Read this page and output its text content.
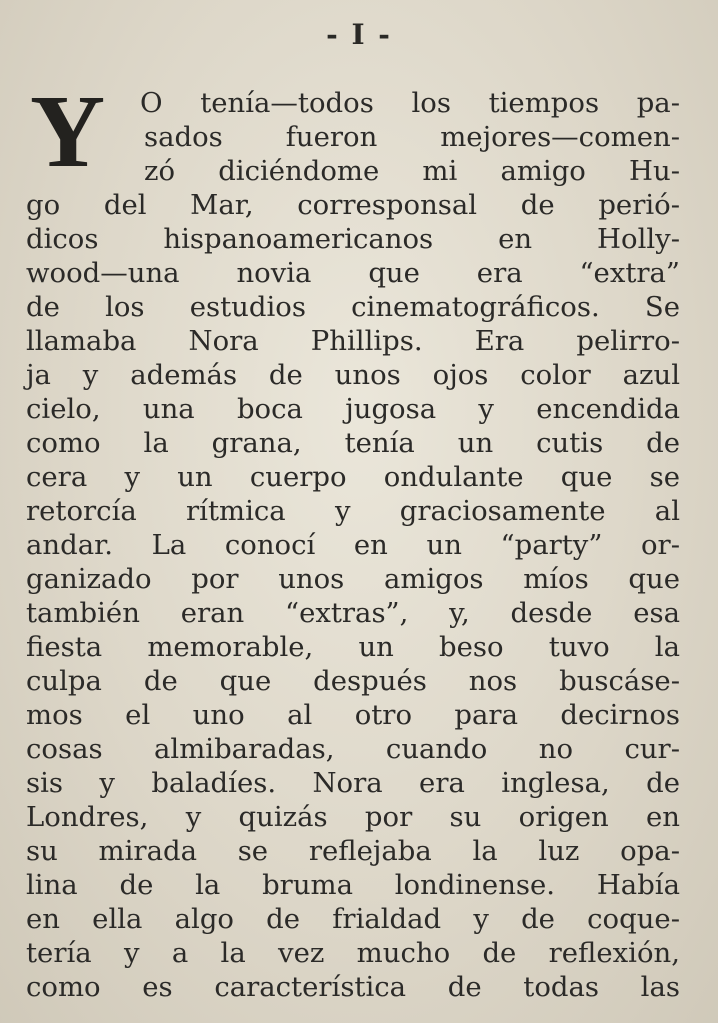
- I -
Y	O tenía—todos los tiempos pa-
sados fueron mejores—comen-
zó diciéndome mi amigo Hu-
go del Mar, corresponsal de perió-
dicos hispanoamericanos en Holly-
wood—una novia que era “extra”
de los estudios cinematográficos. Se
llamaba Nora Phillips. Era pelirro-
ja y además de unos ojos color azul
cielo, una boca jugosa y encendida
como la grana, tenía un cutis de
cera y un cuerpo ondulante que se
retorcía rítmica y graciosamente al
andar. La conocí en un “party” or-
ganizado por unos amigos míos que
también eran “extras”, y, desde esa
fiesta memorable, un beso tuvo la
culpa de que después nos buscáse-
mos el uno al otro para decirnos
cosas almibaradas, cuando no cur-
sis y baladíes. Nora era inglesa, de
Londres, y quizás por su origen en
su mirada se reflejaba la luz opa-
lina de la bruma londinense. Había
en ella algo de frialdad y de coque-
tería y a la vez mucho de reflexión,
como es característica de todas las
